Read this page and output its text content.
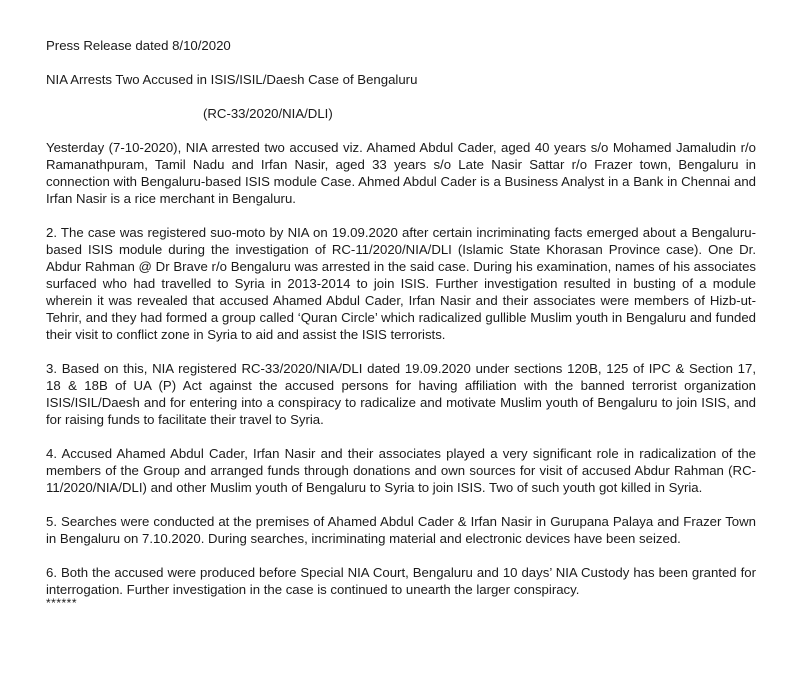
Press Release dated 8/10/2020

NIA Arrests Two Accused in ISIS/ISIL/Daesh Case of Bengaluru

(RC-33/2020/NIA/DLI)

Yesterday (7-10-2020), NIA arrested two accused viz. Ahamed Abdul Cader, aged 40 years s/o Mohamed Jamaludin r/o Ramanathpuram, Tamil Nadu and Irfan Nasir, aged 33 years s/o Late Nasir Sattar r/o Frazer town, Bengaluru in connection with Bengaluru-based ISIS module Case. Ahmed Abdul Cader is a Business Analyst in a Bank in Chennai and Irfan Nasir is a rice merchant in Bengaluru.

2. The case was registered suo-moto by NIA on 19.09.2020 after certain incriminating facts emerged about a Bengaluru-based ISIS module during the investigation of RC-11/2020/NIA/DLI (Islamic State Khorasan Province case). One Dr. Abdur Rahman @ Dr Brave r/o Bengaluru was arrested in the said case. During his examination, names of his associates surfaced who had travelled to Syria in 2013-2014 to join ISIS. Further investigation resulted in busting of a module wherein it was revealed that accused Ahamed Abdul Cader, Irfan Nasir and their associates were members of Hizb-ut-Tehrir, and they had formed a group called ‘Quran Circle’ which radicalized gullible Muslim youth in Bengaluru and funded their visit to conflict zone in Syria to aid and assist the ISIS terrorists.

3. Based on this, NIA registered RC-33/2020/NIA/DLI dated 19.09.2020 under sections 120B, 125 of IPC & Section 17, 18 & 18B of UA (P) Act against the accused persons for having affiliation with the banned terrorist organization ISIS/ISIL/Daesh and for entering into a conspiracy to radicalize and motivate Muslim youth of Bengaluru to join ISIS, and for raising funds to facilitate their travel to Syria.

4. Accused Ahamed Abdul Cader, Irfan Nasir and their associates played a very significant role in radicalization of the members of the Group and arranged funds through donations and own sources for visit of accused Abdur Rahman (RC-11/2020/NIA/DLI) and other Muslim youth of Bengaluru to Syria to join ISIS. Two of such youth got killed in Syria.

5. Searches were conducted at the premises of Ahamed Abdul Cader & Irfan Nasir in Gurupana Palaya and Frazer Town in Bengaluru on 7.10.2020. During searches, incriminating material and electronic devices have been seized.

6. Both the accused were produced before Special NIA Court, Bengaluru and 10 days’ NIA Custody has been granted for interrogation. Further investigation in the case is continued to unearth the larger conspiracy.

******
